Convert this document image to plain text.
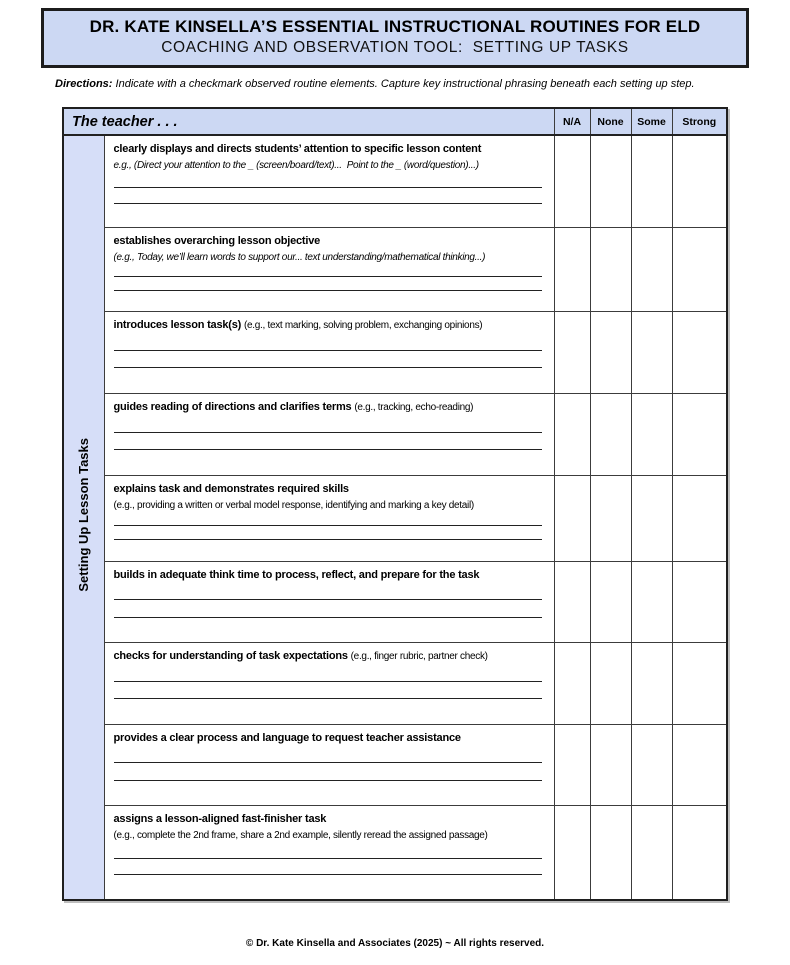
DR. KATE KINSELLA’S ESSENTIAL INSTRUCTIONAL ROUTINES FOR ELD
COACHING AND OBSERVATION TOOL:  SETTING UP TASKS
Directions: Indicate with a checkmark observed routine elements. Capture key instructional phrasing beneath each setting up step.
The teacher . . .		N/A	None	Some	Strong
Setting Up Lesson Tasks	clearly displays and directs students’ attention to specific lesson content
e.g., (Direct your attention to the _ (screen/board/text)...  Point to the _ (word/question)...)				

	establishes overarching lesson objective
(e.g., Today, we’ll learn words to support our... text understanding/mathematical thinking...)				

	introduces lesson task(s) (e.g., text marking, solving problem, exchanging opinions)				

	guides reading of directions and clarifies terms (e.g., tracking, echo-reading)				

	explains task and demonstrates required skills
(e.g., providing a written or verbal model response, identifying and marking a key detail)				

	builds in adequate think time to process, reflect, and prepare for the task				

	checks for understanding of task expectations (e.g., finger rubric, partner check)				

	provides a clear process and language to request teacher assistance				

	assigns a lesson-aligned fast-finisher task
(e.g., complete the 2nd frame, share a 2nd example, silently reread the assigned passage)				

© Dr. Kate Kinsella and Associates (2025) ~ All rights reserved.
